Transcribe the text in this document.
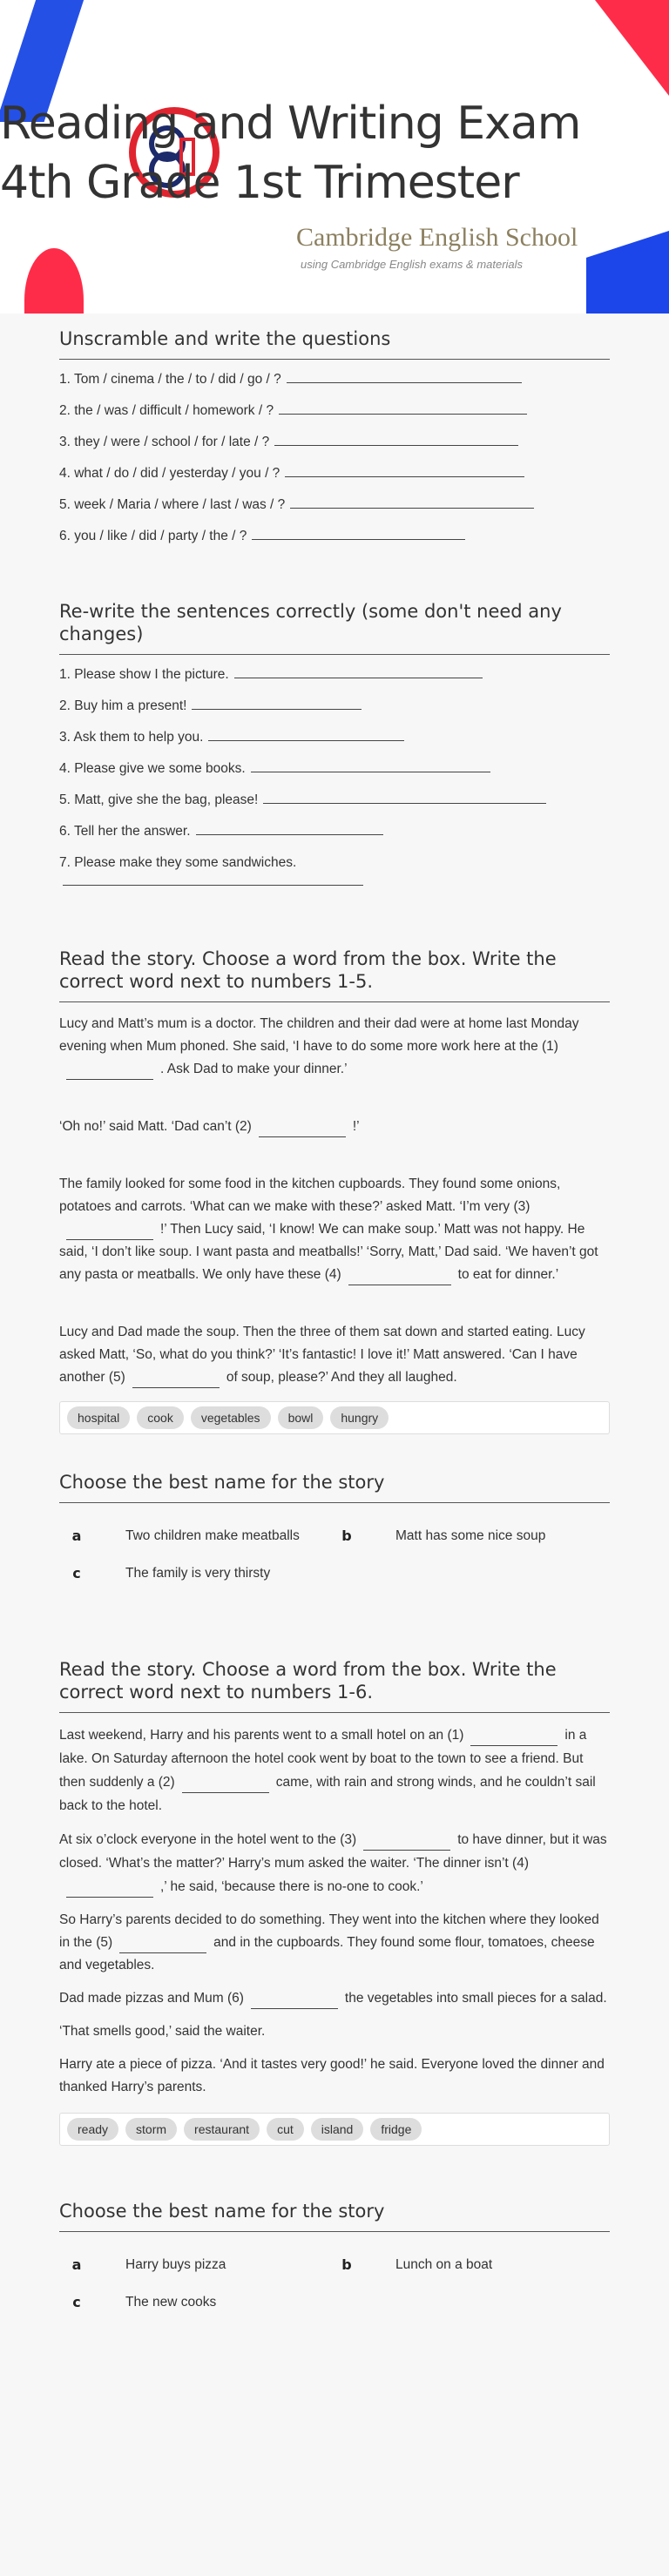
Cambridge English School
using Cambridge English exams & materials
Reading and Writing Exam
4th Grade 1st Trimester
Unscramble and write the questions
1. Tom / cinema / the / to / did / go / ?
2. the / was / difficult / homework / ?
3. they / were / school / for / late / ?
4. what / do / did / yesterday / you / ?
5. week / Maria / where / last / was / ?
6. you / like / did / party / the / ?
Re-write the sentences correctly (some don't need any changes)
1. Please show I the picture.
2. Buy him a present!
3. Ask them to help you.
4. Please give we some books.
5. Matt, give she the bag, please!
6. Tell her the answer.
7. Please make they some sandwiches.

Read the story. Choose a word from the box. Write the correct word next to numbers 1-5.

Lucy and Matt’s mum is a doctor. The children and their dad were at home last Monday evening when Mum phoned. She said, ‘I have to do some more work here at the (1). Ask Dad to make your dinner.’

‘Oh no!’ said Matt. ‘Dad can’t (2)	!’

The family looked for some food in the kitchen cupboards. They found some onions, potatoes and carrots. ‘What can we make with these?’ asked Matt. ‘I’m very (3)!’ Then Lucy said, ‘I know! We can make soup.’ Matt was not happy. He said, ‘I don’t like soup. I want pasta and meatballs!’ ‘Sorry, Matt,’ Dad said. ‘We haven’t got any pasta or meatballs. We only have these (4)	to eat for dinner.’

Lucy and Dad made the soup. Then the three of them sat down and started eating. Lucy asked Matt, ‘So, what do you think?’ ‘It’s fantastic! I love it!’ Matt answered. ‘Can I have another (5)	of soup, please?’ And they all laughed.

hospital	cook	vegetables	bowl	hungry
Choose the best name for the story
a	Two children make meatballs	b	Matt has some nice soup
c	The family is very thirsty
Read the story. Choose a word from the box. Write the correct word next to numbers 1-6.

Last weekend, Harry and his parents went to a small hotel on an (1)	in a lake. On Saturday afternoon the hotel cook went by boat to the town to see a friend. But then suddenly a (2)	came, with rain and strong winds, and he couldn’t sail back to the hotel.

At six o’clock everyone in the hotel went to the (3)	to have dinner, but it was closed. ‘What’s the matter?’ Harry’s mum asked the waiter. ‘The dinner isn’t (4),’ he said, ‘because there is no-one to cook.’

So Harry’s parents decided to do something. They went into the kitchen where they looked in the (5)	and in the cupboards. They found some flour, tomatoes, cheese and vegetables.

Dad made pizzas and Mum (6)	the vegetables into small pieces for a salad.

‘That smells good,’ said the waiter.

Harry ate a piece of pizza. ‘And it tastes very good!’ he said. Everyone loved the dinner and thanked Harry’s parents.

ready	storm	restaurant	cut	island	fridge
Choose the best name for the story
a	Harry buys pizza	b	Lunch on a boat
c	The new cooks
